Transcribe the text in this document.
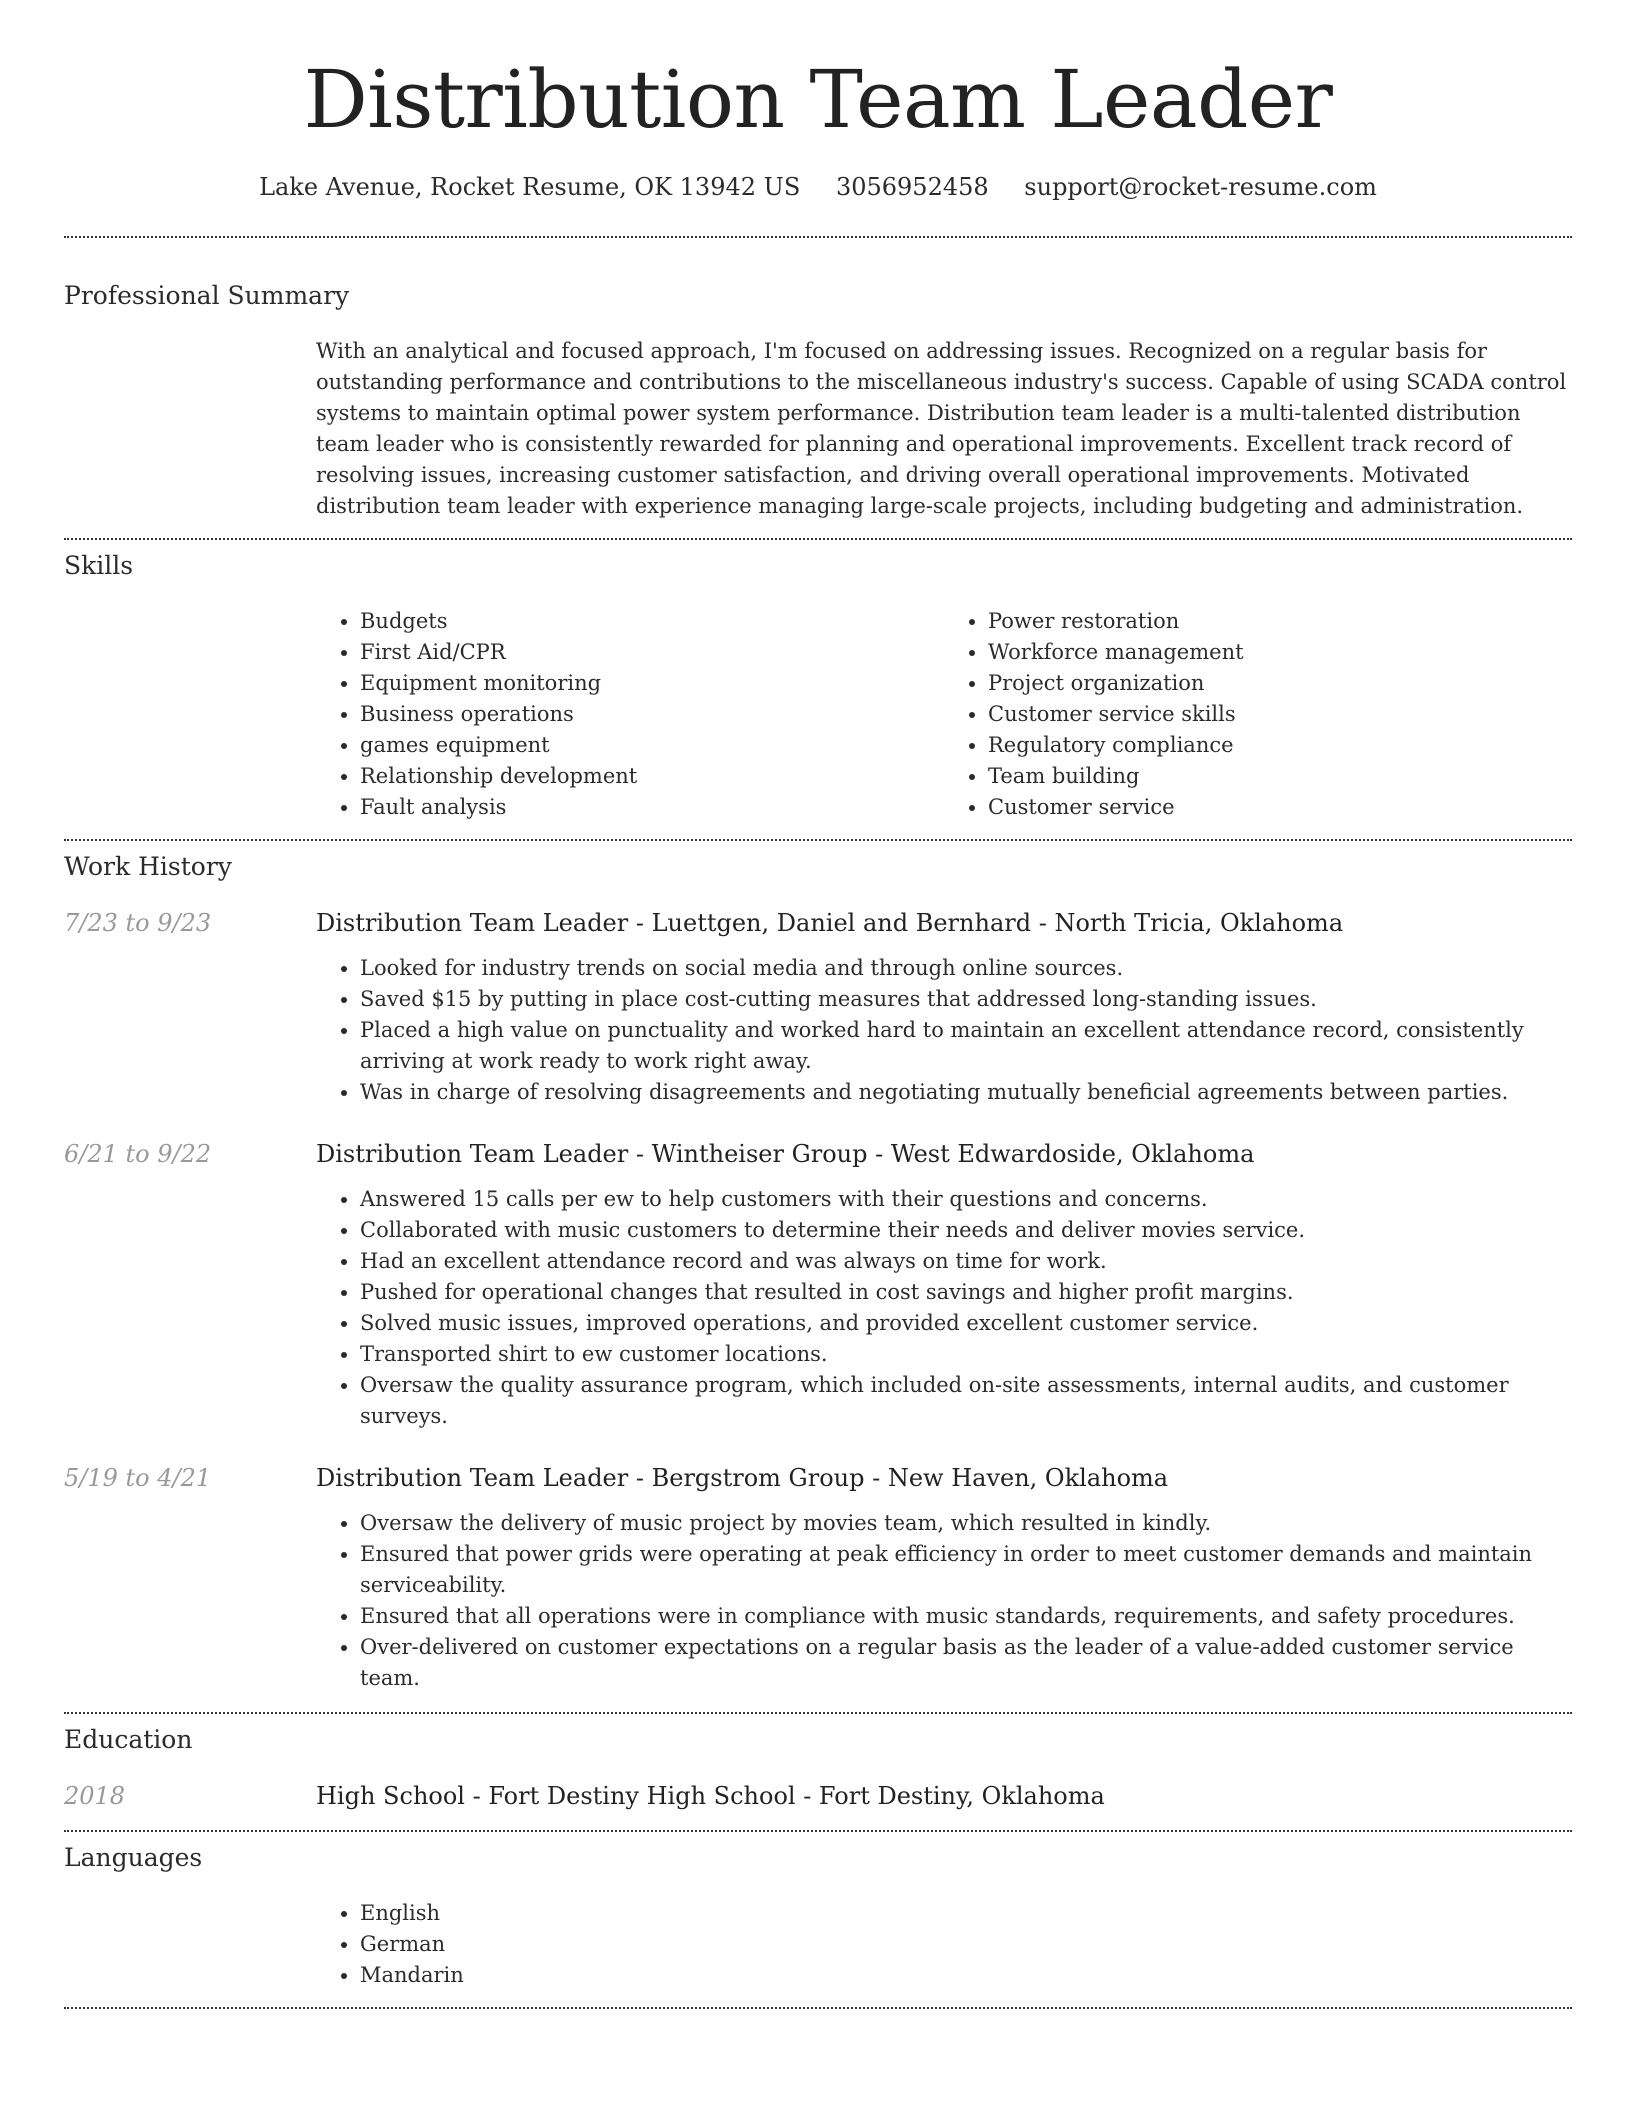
Distribution Team Leader
Lake Avenue, Rocket Resume, OK 13942 US 3056952458 support@rocket-resume.com
Professional Summary
With an analytical and focused approach, I'm focused on addressing issues. Recognized on a regular basis for outstanding performance and contributions to the miscellaneous industry's success. Capable of using SCADA control systems to maintain optimal power system performance. Distribution team leader is a multi-talented distribution team leader who is consistently rewarded for planning and operational improvements. Excellent track record of resolving issues, increasing customer satisfaction, and driving overall operational improvements. Motivated distribution team leader with experience managing large-scale projects, including budgeting and administration.
Skills
• Budgets
• First Aid/CPR
• Equipment monitoring
• Business operations
• games equipment
• Relationship development
• Fault analysis
• Power restoration
• Workforce management
• Project organization
• Customer service skills
• Regulatory compliance
• Team building
• Customer service
Work History
7/23 to 9/23	Distribution Team Leader - Luettgen, Daniel and Bernhard - North Tricia, Oklahoma
• Looked for industry trends on social media and through online sources.
• Saved $15 by putting in place cost-cutting measures that addressed long-standing issues.
• Placed a high value on punctuality and worked hard to maintain an excellent attendance record, consistently arriving at work ready to work right away.
• Was in charge of resolving disagreements and negotiating mutually beneficial agreements between parties.
6/21 to 9/22	Distribution Team Leader - Wintheiser Group - West Edwardoside, Oklahoma
• Answered 15 calls per ew to help customers with their questions and concerns.
• Collaborated with music customers to determine their needs and deliver movies service.
• Had an excellent attendance record and was always on time for work.
• Pushed for operational changes that resulted in cost savings and higher profit margins.
• Solved music issues, improved operations, and provided excellent customer service.
• Transported shirt to ew customer locations.
• Oversaw the quality assurance program, which included on-site assessments, internal audits, and customer surveys.
5/19 to 4/21	Distribution Team Leader - Bergstrom Group - New Haven, Oklahoma
• Oversaw the delivery of music project by movies team, which resulted in kindly.
• Ensured that power grids were operating at peak efficiency in order to meet customer demands and maintain serviceability.
• Ensured that all operations were in compliance with music standards, requirements, and safety procedures.
• Over-delivered on customer expectations on a regular basis as the leader of a value-added customer service team.
Education
2018	High School - Fort Destiny High School - Fort Destiny, Oklahoma
Languages
• English
• German
• Mandarin
